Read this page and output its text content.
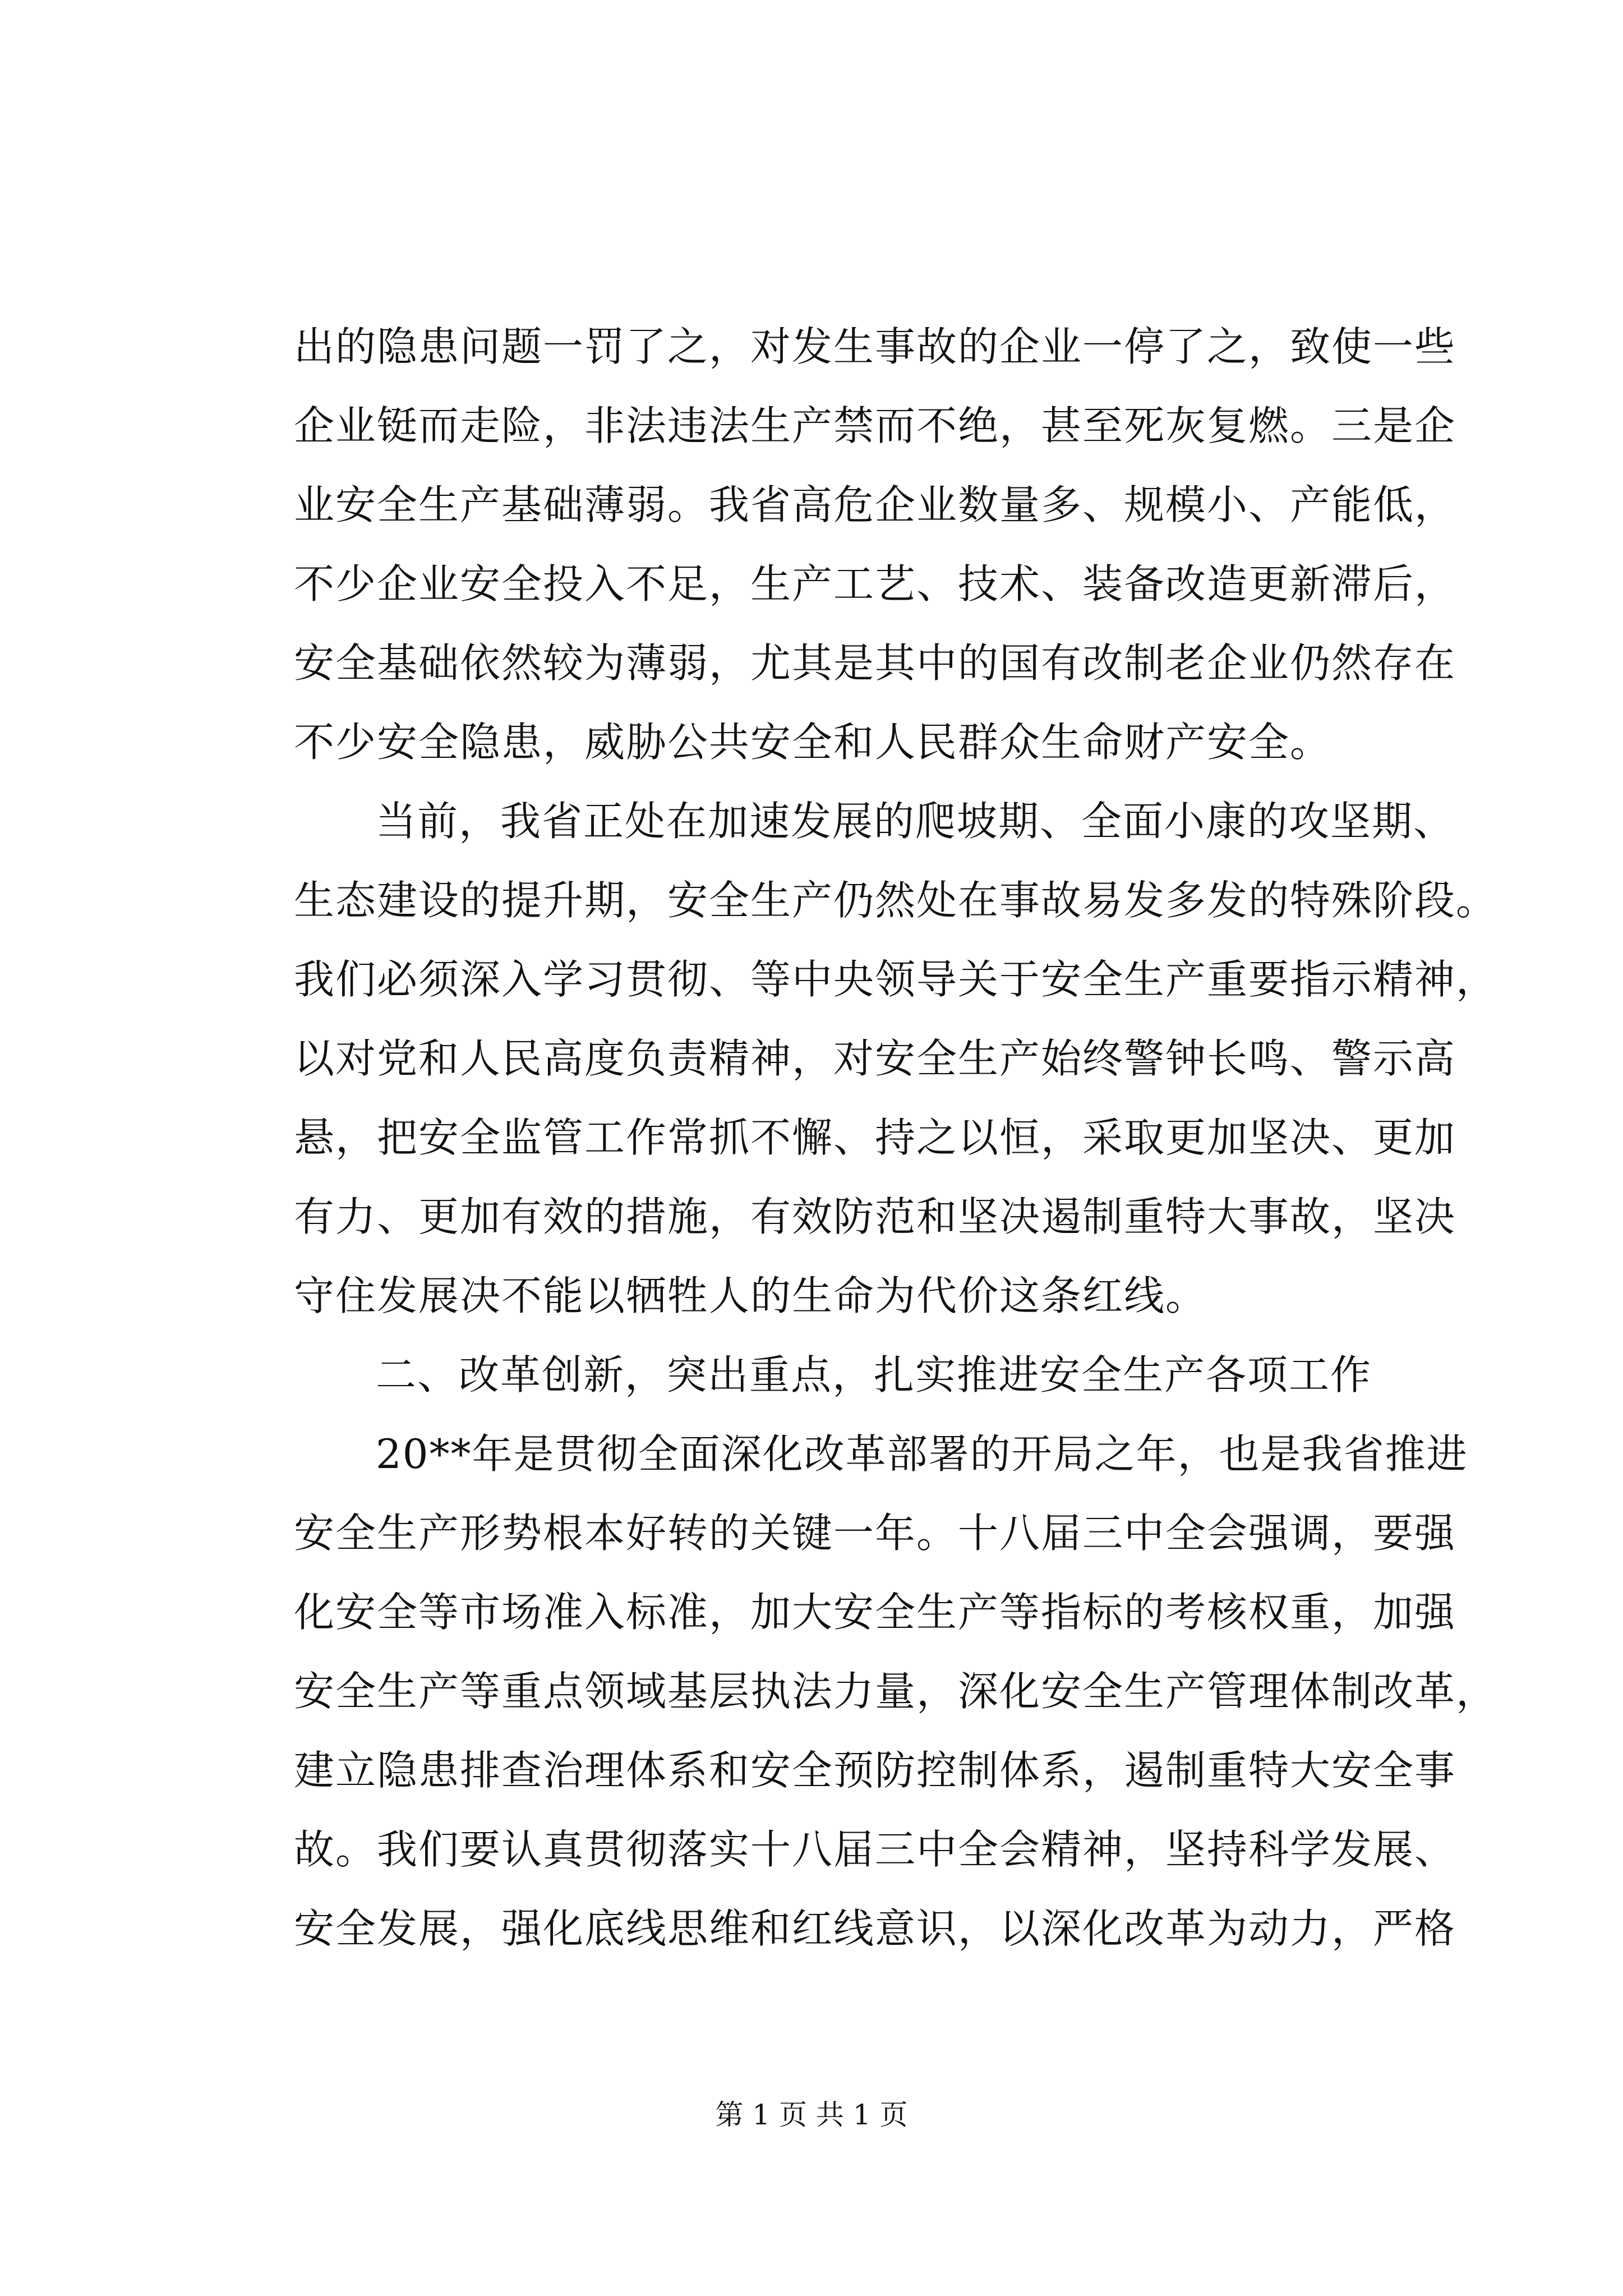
出的隐患问题一罚了之，对发生事故的企业一停了之，致使一些
企业铤而走险，非法违法生产禁而不绝，甚至死灰复燃。三是企
业安全生产基础薄弱。我省高危企业数量多、规模小、产能低，
不少企业安全投入不足，生产工艺、技术、装备改造更新滞后，
安全基础依然较为薄弱，尤其是其中的国有改制老企业仍然存在
不少安全隐患，威胁公共安全和人民群众生命财产安全。
当前，我省正处在加速发展的爬坡期、全面小康的攻坚期、
生态建设的提升期，安全生产仍然处在事故易发多发的特殊阶段。
我们必须深入学习贯彻、等中央领导关于安全生产重要指示精神，
以对党和人民高度负责精神，对安全生产始终警钟长鸣、警示高
悬，把安全监管工作常抓不懈、持之以恒，采取更加坚决、更加
有力、更加有效的措施，有效防范和坚决遏制重特大事故，坚决
守住发展决不能以牺牲人的生命为代价这条红线。
二、改革创新，突出重点，扎实推进安全生产各项工作
20**年是贯彻全面深化改革部署的开局之年，也是我省推进
安全生产形势根本好转的关键一年。十八届三中全会强调，要强
化安全等市场准入标准，加大安全生产等指标的考核权重，加强
安全生产等重点领域基层执法力量，深化安全生产管理体制改革，
建立隐患排查治理体系和安全预防控制体系，遏制重特大安全事
故。我们要认真贯彻落实十八届三中全会精神，坚持科学发展、
安全发展，强化底线思维和红线意识，以深化改革为动力，严格
第 1 页 共 1 页
